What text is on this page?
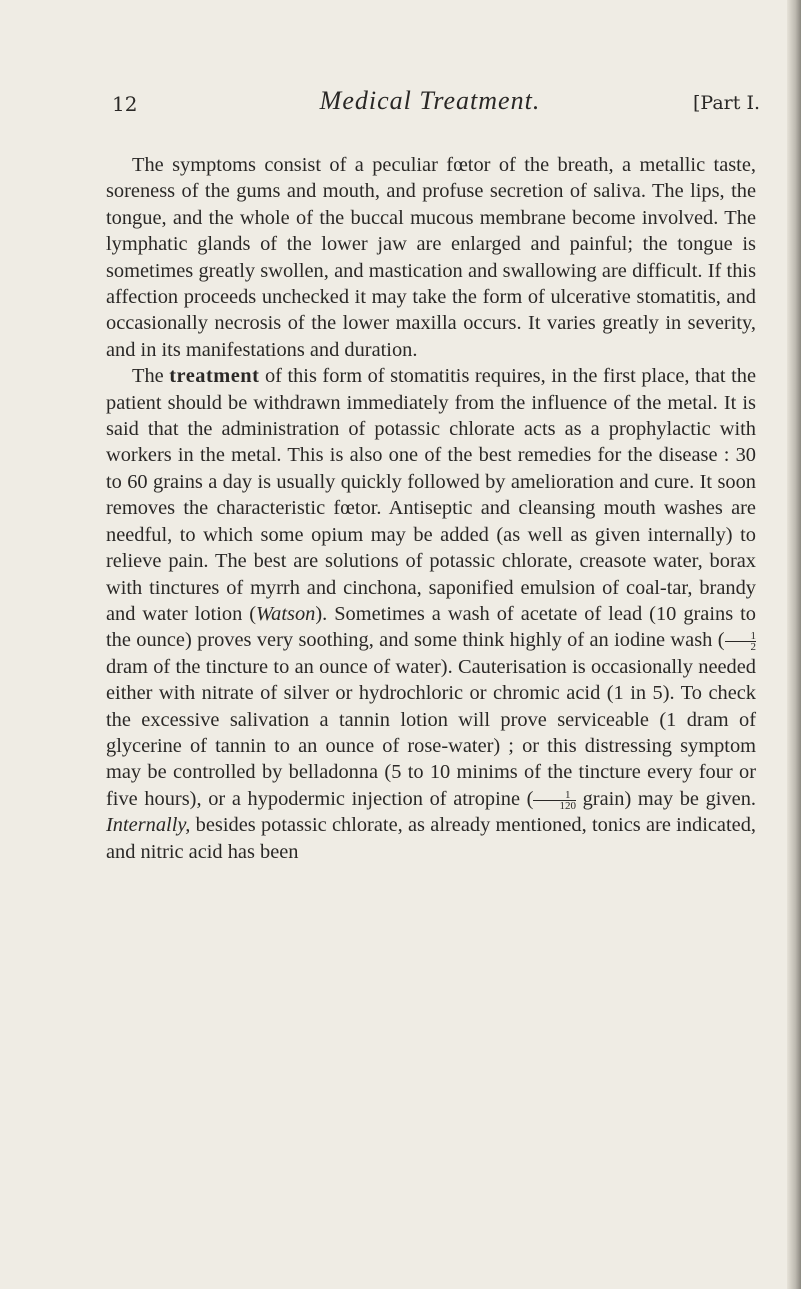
12	Medical Treatment.	[Part I.

The symptoms consist of a peculiar fœtor of the breath, a metallic taste, soreness of the gums and mouth, and profuse secretion of saliva. The lips, the tongue, and the whole of the buccal mucous membrane become involved. The lymphatic glands of the lower jaw are enlarged and painful; the tongue is sometimes greatly swollen, and mastication and swallowing are difficult. If this affection proceeds unchecked it may take the form of ulcerative stomatitis, and occasionally necrosis of the lower maxilla occurs. It varies greatly in severity, and in its manifestations and duration.

The treatment of this form of stomatitis requires, in the first place, that the patient should be withdrawn immediately from the influence of the metal. It is said that the administration of potassic chlorate acts as a prophylactic with workers in the metal. This is also one of the best remedies for the disease : 30 to 60 grains a day is usually quickly followed by amelioration and cure. It soon removes the characteristic fœtor. Antiseptic and cleansing mouth washes are needful, to which some opium may be added (as well as given internally) to relieve pain. The best are solutions of potassic chlorate, creasote water, borax with tinctures of myrrh and cinchona, saponified emulsion of coal-tar, brandy and water lotion (Watson). Sometimes a wash of acetate of lead (10 grains to the ounce) proves very soothing, and some think highly of an iodine wash ( $\frac{1}{2}$
dram of the tincture to an ounce of water). Cauterisation is occasionally needed either with nitrate of silver or hydrochloric or chromic acid (1 in 5). To check the excessive salivation a tannin lotion will prove serviceable (1 dram of glycerine of tannin to an ounce of rose-water) ; or this distressing symptom may be controlled by belladonna (5 to 10 minims of the tincture every four or five hours), or a hypodermic injection of atropine ( $\frac{1}{120}$ grain) may be given. Internally, besides potassic chlorate, as already mentioned, tonics are indicated, and nitric acid has been
